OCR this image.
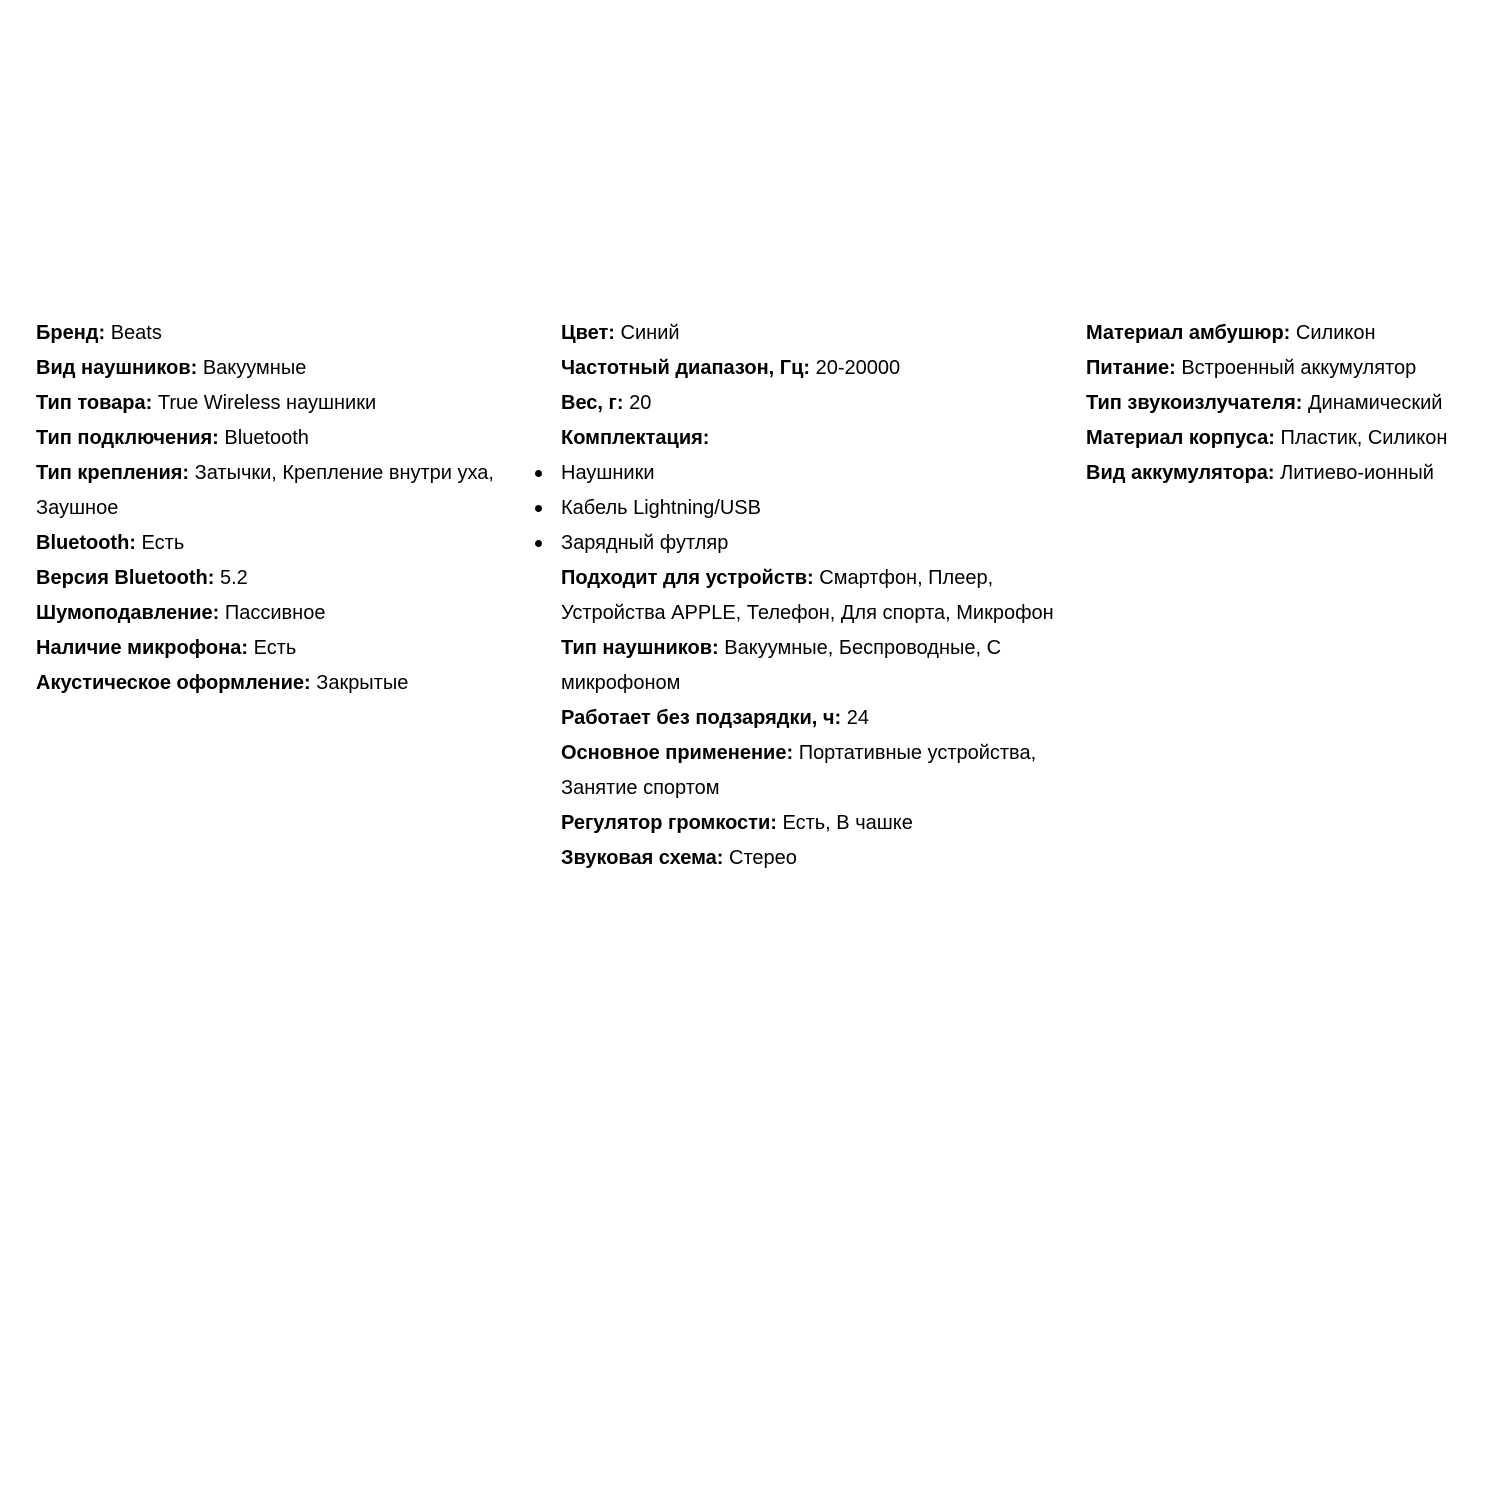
Бренд: Beats

Вид наушников: Вакуумные

Тип товара: True Wireless наушники

Тип подключения: Bluetooth

Тип крепления: Затычки, Крепление внутри уха, Заушное

Bluetooth: Есть

Версия Bluetooth: 5.2

Шумоподавление: Пассивное

Наличие микрофона: Есть

Акустическое оформление: Закрытые

Цвет: Синий

Частотный диапазон, Гц: 20-20000

Вес, г: 20

Комплектация:

Наушники
Кабель Lightning/USB
Зарядный футляр

Подходит для устройств: Смартфон, Плеер, Устройства APPLE, Телефон, Для спорта, Микрофон

Тип наушников: Вакуумные, Беспроводные, С микрофоном

Работает без подзарядки, ч: 24

Основное применение: Портативные устройства, Занятие спортом

Регулятор громкости: Есть, В чашке

Звуковая схема: Стерео

Материал амбушюр: Силикон

Питание: Встроенный аккумулятор

Тип звукоизлучателя: Динамический

Материал корпуса: Пластик, Силикон

Вид аккумулятора: Литиево-ионный
